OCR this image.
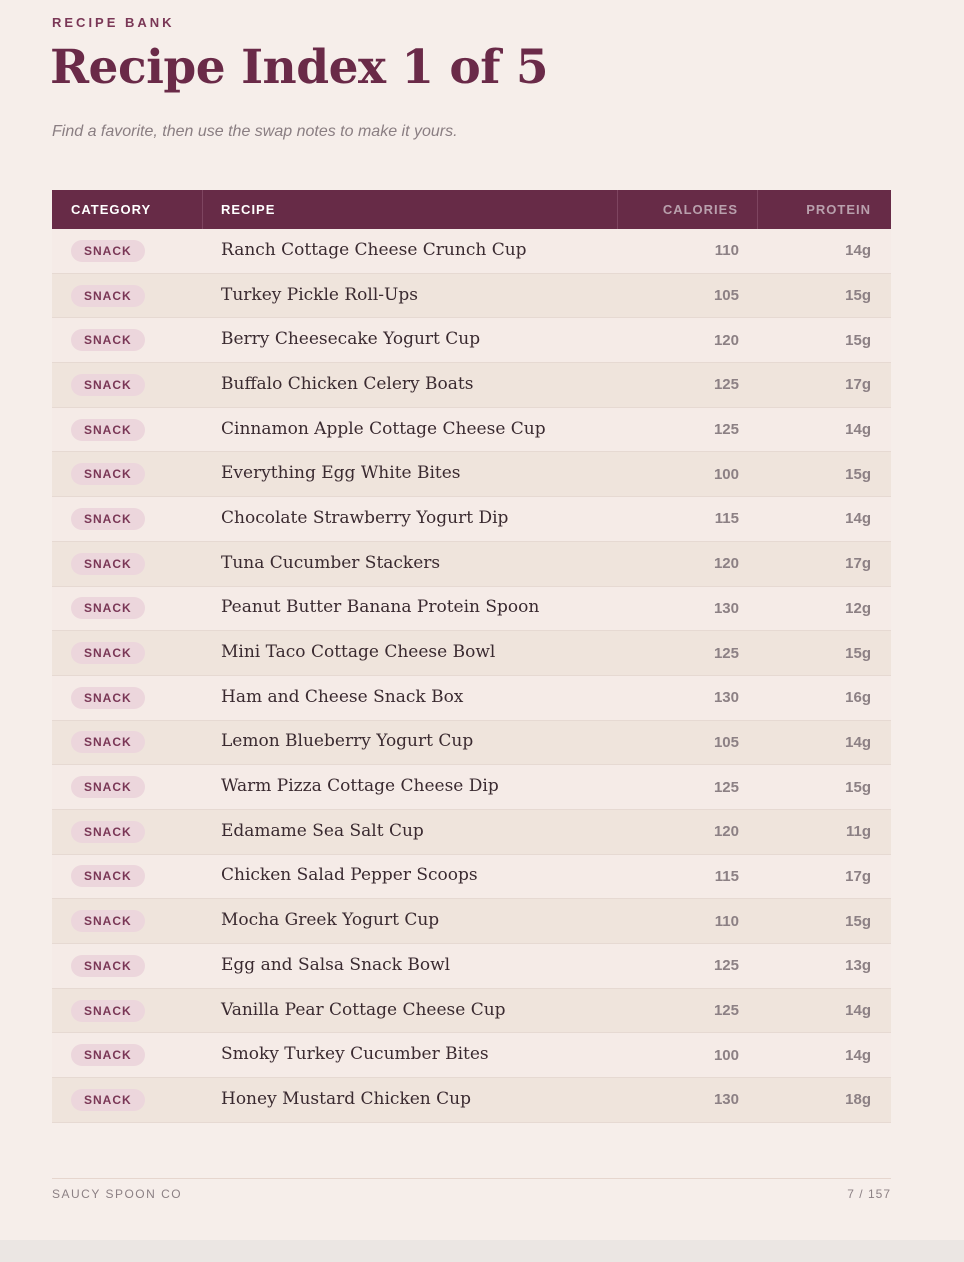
RECIPE BANK
Recipe Index 1 of 5
Find a favorite, then use the swap notes to make it yours.
CATEGORY	RECIPE	CALORIES	PROTEIN
SNACK	Ranch Cottage Cheese Crunch Cup	110	14g
SNACK	Turkey Pickle Roll-Ups	105	15g
SNACK	Berry Cheesecake Yogurt Cup	120	15g
SNACK	Buffalo Chicken Celery Boats	125	17g
SNACK	Cinnamon Apple Cottage Cheese Cup	125	14g
SNACK	Everything Egg White Bites	100	15g
SNACK	Chocolate Strawberry Yogurt Dip	115	14g
SNACK	Tuna Cucumber Stackers	120	17g
SNACK	Peanut Butter Banana Protein Spoon	130	12g
SNACK	Mini Taco Cottage Cheese Bowl	125	15g
SNACK	Ham and Cheese Snack Box	130	16g
SNACK	Lemon Blueberry Yogurt Cup	105	14g
SNACK	Warm Pizza Cottage Cheese Dip	125	15g
SNACK	Edamame Sea Salt Cup	120	11g
SNACK	Chicken Salad Pepper Scoops	115	17g
SNACK	Mocha Greek Yogurt Cup	110	15g
SNACK	Egg and Salsa Snack Bowl	125	13g
SNACK	Vanilla Pear Cottage Cheese Cup	125	14g
SNACK	Smoky Turkey Cucumber Bites	100	14g
SNACK	Honey Mustard Chicken Cup	130	18g
SAUCY SPOON CO	7 / 157
